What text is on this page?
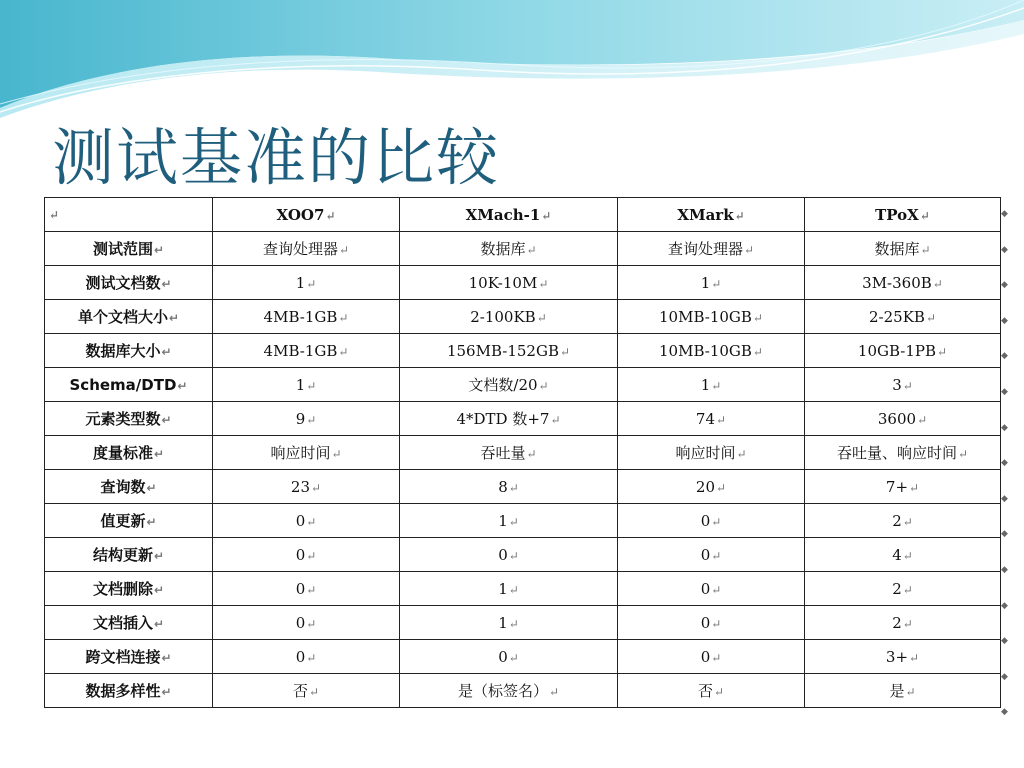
测试基准的比较
↵	XOO7↵	XMach-1↵	XMark↵	TPoX↵
测试范围↵	查询处理器↵	数据库↵	查询处理器↵	数据库↵
测试文档数↵	1↵	10K-10M↵	1↵	3M-360B↵
单个文档大小↵	4MB-1GB↵	2-100KB↵	10MB-10GB↵	2-25KB↵
数据库大小↵	4MB-1GB↵	156MB-152GB↵	10MB-10GB↵	10GB-1PB↵
Schema/DTD↵	1↵	文档数/20↵	1↵	3↵
元素类型数↵	9↵	4*DTD 数+7↵	74↵	3600↵
度量标准↵	响应时间↵	吞吐量↵	响应时间↵	吞吐量、响应时间↵
查询数↵	23↵	8↵	20↵	7+↵
值更新↵	0↵	1↵	0↵	2↵
结构更新↵	0↵	0↵	0↵	4↵
文档删除↵	0↵	1↵	0↵	2↵
文档插入↵	0↵	1↵	0↵	2↵
跨文档连接↵	0↵	0↵	0↵	3+↵
数据多样性↵	否↵	是（标签名）↵	否↵	是↵
◆
◆
◆
◆
◆
◆
◆
◆
◆
◆
◆
◆
◆
◆
◆
